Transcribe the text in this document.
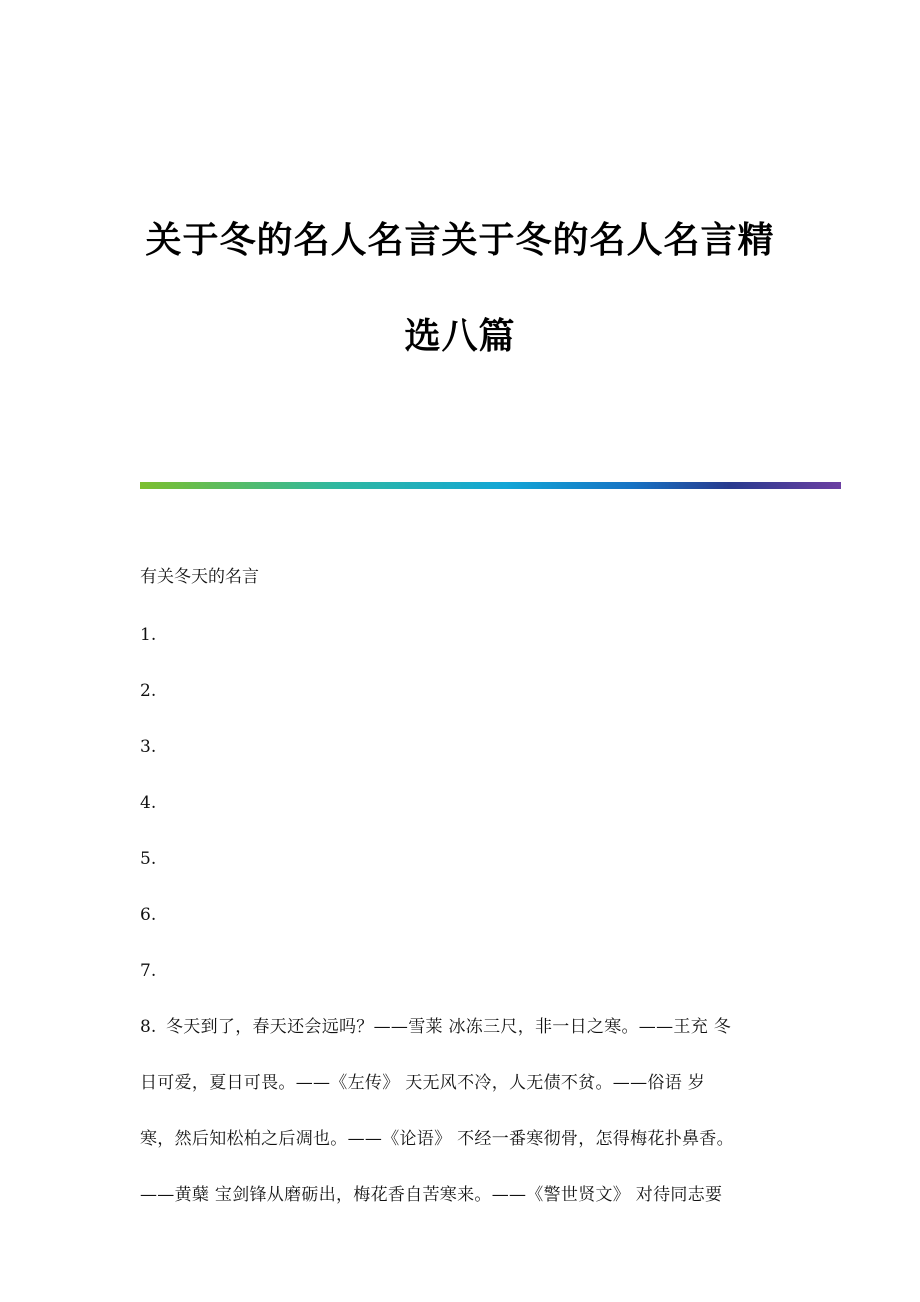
关于冬的名人名言关于冬的名人名言精
选八篇
有关冬天的名言
1.
2.
3.
4.
5.
6.
7.
8. 冬天到了，春天还会远吗？——雪莱 冰冻三尺，非一日之寒。——王充 冬
日可爱，夏日可畏。——《左传》 天无风不冷，人无债不贫。——俗语 岁
寒，然后知松柏之后凋也。——《论语》 不经一番寒彻骨，怎得梅花扑鼻香。
——黄蘖 宝剑锋从磨砺出，梅花香自苦寒来。——《警世贤文》 对待同志要
